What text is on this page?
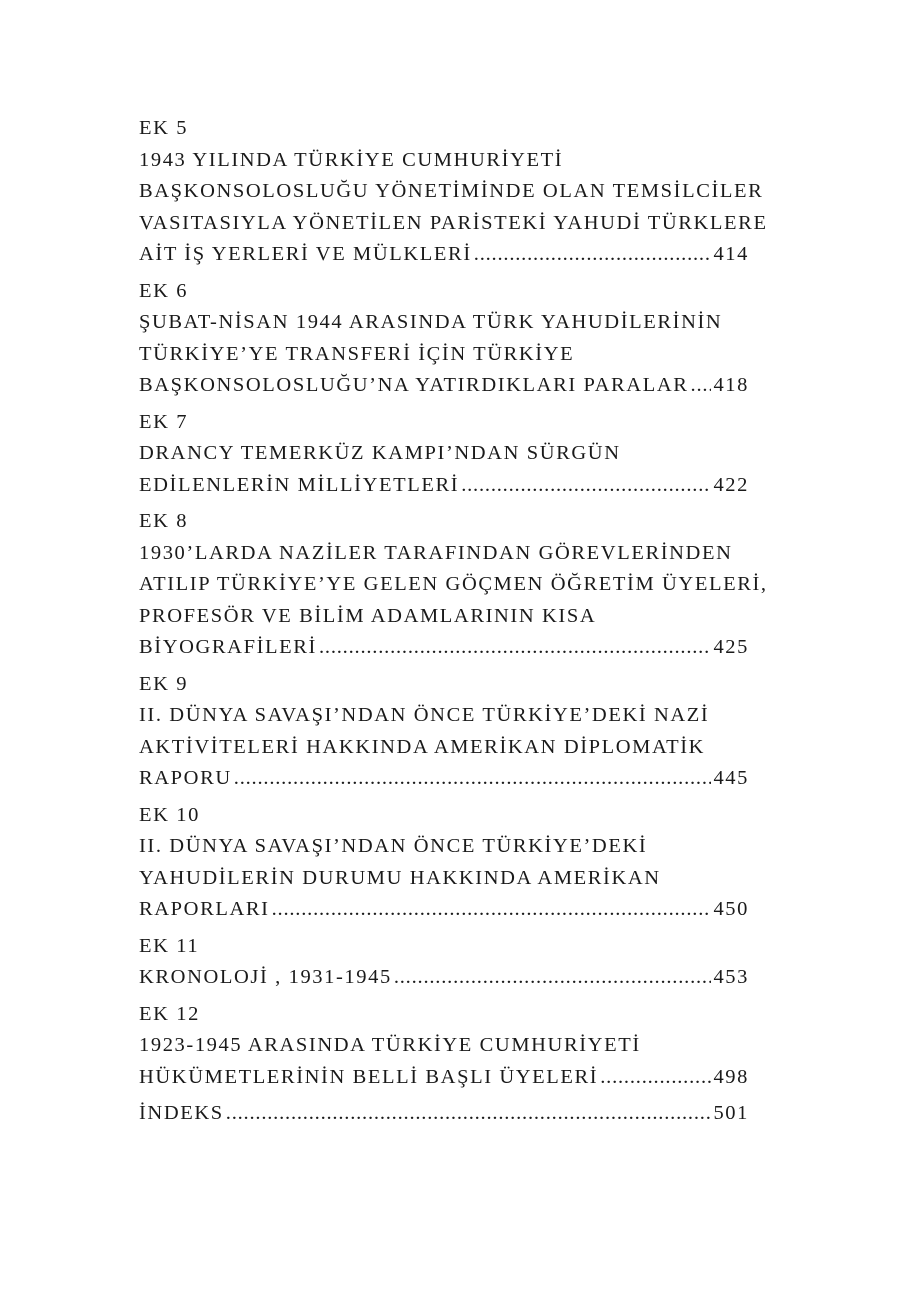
EK 5
1943 YILINDA TÜRKİYE CUMHURİYETİ
BAŞKONSOLOSLUĞU YÖNETİMİNDE OLAN TEMSİLCİLER
VASITASIYLA YÖNETİLEN PARİSTEKİ YAHUDİ TÜRKLERE
AİT İŞ YERLERİ VE MÜLKLERİ .....	414
EK 6
ŞUBAT-NİSAN 1944 ARASINDA TÜRK YAHUDİLERİNİN
TÜRKİYE’YE TRANSFERİ İÇİN TÜRKİYE
BAŞKONSOLOSLUĞU’NA YATIRDIKLARI PARALAR ..... 418
EK 7
DRANCY TEMERKÜZ KAMPI’NDAN SÜRGÜN
EDİLENLERİN MİLLİYETLERİ .....	422
EK 8
1930’LARDA NAZİLER TARAFINDAN GÖREVLERİNDEN
ATILIP TÜRKİYE’YE GELEN GÖÇMEN ÖĞRETİM ÜYELERİ,
PROFESÖR VE BİLİM ADAMLARININ KISA
BİYOGRAFİLERİ .....	425
EK 9
II. DÜNYA SAVAŞI’NDAN ÖNCE TÜRKİYE’DEKİ NAZİ
AKTİVİTELERİ HAKKINDA AMERİKAN DİPLOMATİK
RAPORU .....	445
EK 10
II. DÜNYA SAVAŞI’NDAN ÖNCE TÜRKİYE’DEKİ
YAHUDİLERİN DURUMU HAKKINDA AMERİKAN
RAPORLARI .....	450
EK 11
KRONOLOJİ , 1931-1945 .....	453
EK 12
1923-1945 ARASINDA TÜRKİYE CUMHURİYETİ
HÜKÜMETLERİNİN BELLİ BAŞLI ÜYELERİ .....	498
İNDEKS .....	501
